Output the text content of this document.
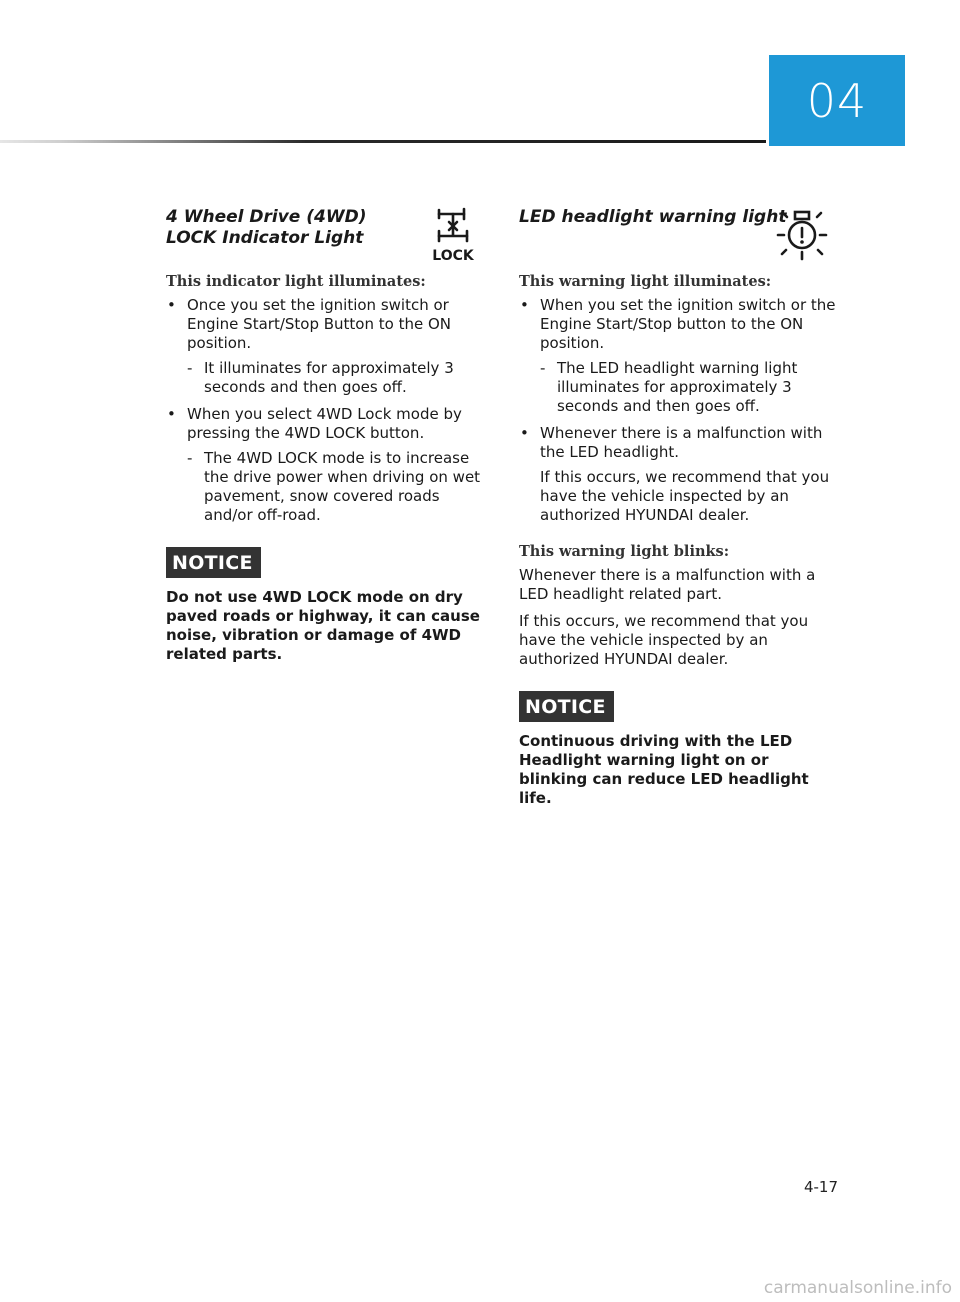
04
4 Wheel Drive (4WD) LOCK Indicator Light
LOCK
This indicator light illuminates:
• Once you set the ignition switch or Engine Start/Stop Button to the ON position.
- It illuminates for approximately 3 seconds and then goes off.
• When you select 4WD Lock mode by pressing the 4WD LOCK button.
- The 4WD LOCK mode is to increase the drive power when driving on wet pavement, snow covered roads and/or off-road.
NOTICE
Do not use 4WD LOCK mode on dry paved roads or highway, it can cause noise, vibration or damage of 4WD related parts.
LED headlight warning light
This warning light illuminates:
• When you set the ignition switch or the Engine Start/Stop button to the ON position.
- The LED headlight warning light illuminates for approximately 3 seconds and then goes off.
• Whenever there is a malfunction with the LED headlight.
If this occurs, we recommend that you have the vehicle inspected by an authorized HYUNDAI dealer.
This warning light blinks:

Whenever there is a malfunction with a LED headlight related part.

If this occurs, we recommend that you have the vehicle inspected by an authorized HYUNDAI dealer.

NOTICE
Continuous driving with the LED Headlight warning light on or blinking can reduce LED headlight life.
4-17
carmanualsonline.info
